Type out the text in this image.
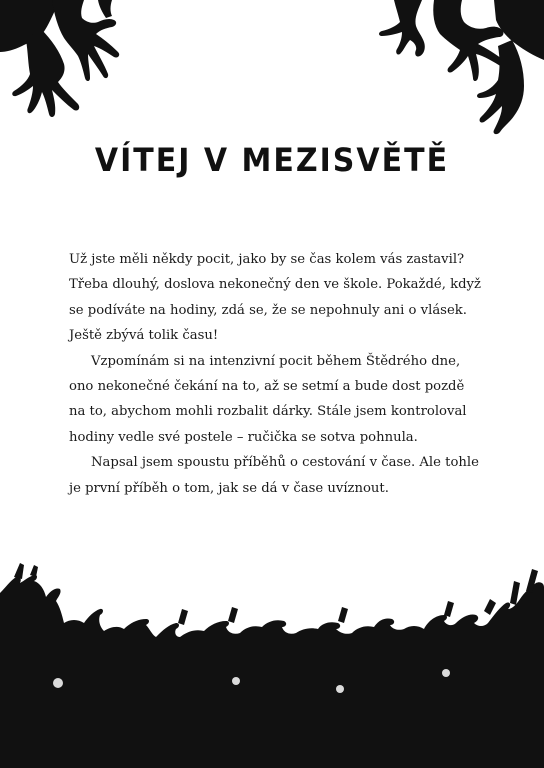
VÍTEJ V MEZISVĚTĚ

Už jste měli někdy pocit, jako by se čas kolem vás zastavil? Třeba dlouhý, doslova nekonečný den ve škole. Pokaždé, když se podíváte na hodiny, zdá se, že se nepohnuly ani o vlásek. Ještě zbývá tolik času!

Vzpomínám si na intenzivní pocit během Štědrého dne, ono nekonečné čekání na to, až se setmí a bude dost pozdě na to, abychom mohli rozbalit dárky. Stále jsem kontroloval hodiny vedle své postele – ručička se sotva pohnula.

Napsal jsem spoustu příběhů o cestování v čase. Ale tohle je první příběh o tom, jak se dá v čase uvíznout.
